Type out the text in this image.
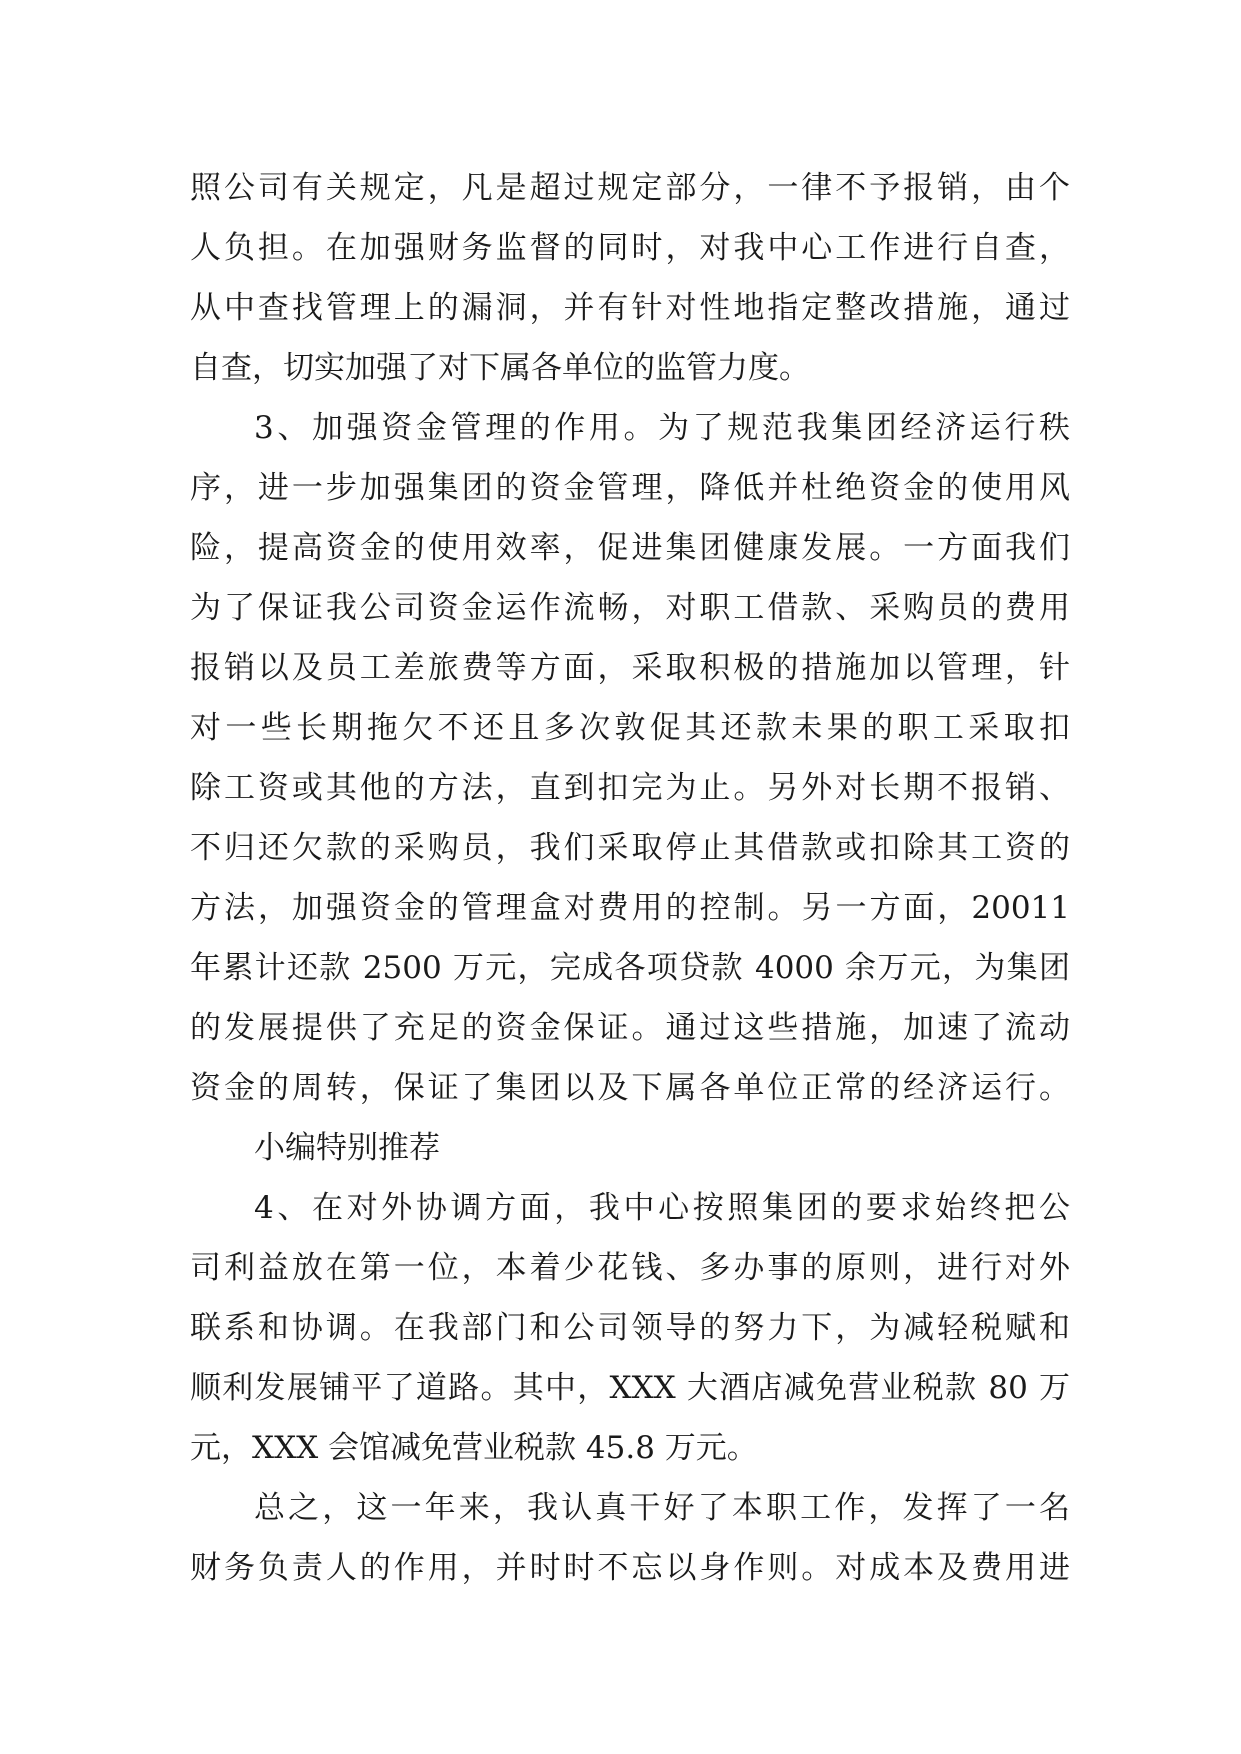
照公司有关规定，凡是超过规定部分，一律不予报销，由个
人负担。在加强财务监督的同时，对我中心工作进行自查，
从中查找管理上的漏洞，并有针对性地指定整改措施，通过
自查，切实加强了对下属各单位的监管力度。
3、加强资金管理的作用。为了规范我集团经济运行秩
序，进一步加强集团的资金管理，降低并杜绝资金的使用风
险，提高资金的使用效率，促进集团健康发展。一方面我们
为了保证我公司资金运作流畅，对职工借款、采购员的费用
报销以及员工差旅费等方面，采取积极的措施加以管理，针
对一些长期拖欠不还且多次敦促其还款未果的职工采取扣
除工资或其他的方法，直到扣完为止。另外对长期不报销、
不归还欠款的采购员，我们采取停止其借款或扣除其工资的
方法，加强资金的管理盒对费用的控制。另一方面，20011
年累计还款 2500 万元，完成各项贷款 4000 余万元，为集团
的发展提供了充足的资金保证。通过这些措施，加速了流动
资金的周转，保证了集团以及下属各单位正常的经济运行。
小编特别推荐
4、在对外协调方面，我中心按照集团的要求始终把公
司利益放在第一位，本着少花钱、多办事的原则，进行对外
联系和协调。在我部门和公司领导的努力下，为减轻税赋和
顺利发展铺平了道路。其中，XXX 大酒店减免营业税款 80 万
元，XXX 会馆减免营业税款 45.8 万元。
总之，这一年来，我认真干好了本职工作，发挥了一名
财务负责人的作用，并时时不忘以身作则。对成本及费用进
